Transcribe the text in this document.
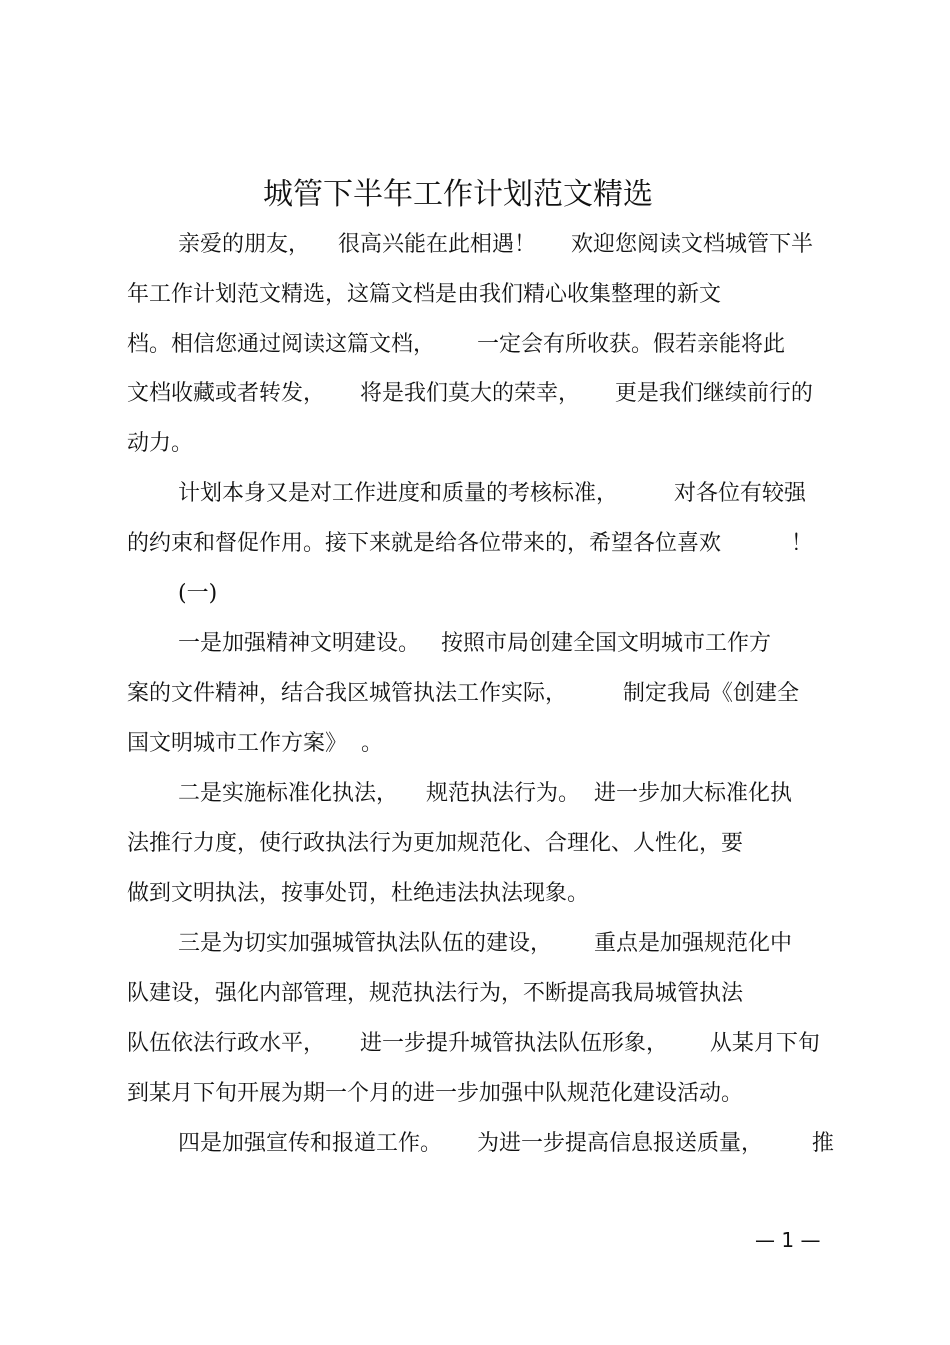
城管下半年工作计划范文精选
亲爱的朋友，    很高兴能在此相遇！     欢迎您阅读文档城管下半
年工作计划范文精选，这篇文档是由我们精心收集整理的新文
档。相信您通过阅读这篇文档，      一定会有所收获。假若亲能将此
文档收藏或者转发，     将是我们莫大的荣幸，     更是我们继续前行的
动力。
计划本身又是对工作进度和质量的考核标准，        对各位有较强
的约束和督促作用。接下来就是给各位带来的，希望各位喜欢          ！
(一)
一是加强精神文明建设。   按照市局创建全国文明城市工作方
案的文件精神，结合我区城管执法工作实际，        制定我局《创建全
国文明城市工作方案》  。
二是实施标准化执法，    规范执法行为。  进一步加大标准化执
法推行力度，使行政执法行为更加规范化、合理化、人性化，要
做到文明执法，按事处罚，杜绝违法执法现象。
三是为切实加强城管执法队伍的建设，      重点是加强规范化中
队建设，强化内部管理，规范执法行为，不断提高我局城管执法
队伍依法行政水平，     进一步提升城管执法队伍形象，      从某月下旬
到某月下旬开展为期一个月的进一步加强中队规范化建设活动。
四是加强宣传和报道工作。     为进一步提高信息报送质量，       推
— 1 —
